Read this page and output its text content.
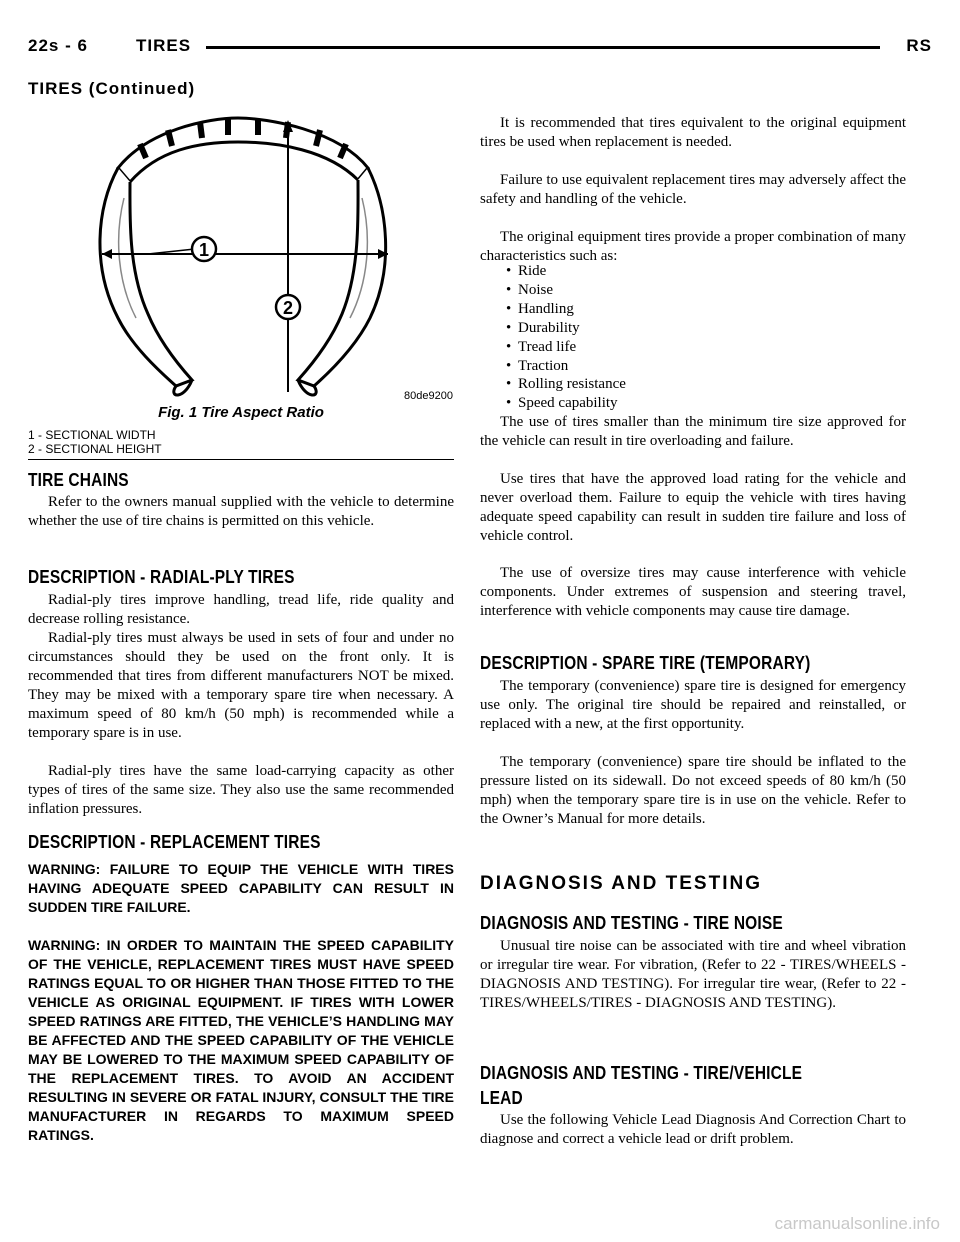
22s - 6	TIRES	RS
TIRES (Continued)
1
2
80de9200
Fig. 1 Tire Aspect Ratio
1 - SECTIONAL WIDTH
2 - SECTIONAL HEIGHT
TIRE CHAINS

Refer to the owners manual supplied with the vehicle to determine whether the use of tire chains is permitted on this vehicle.

DESCRIPTION - RADIAL-PLY TIRES

Radial-ply tires improve handling, tread life, ride quality and decrease rolling resistance.

Radial-ply tires must always be used in sets of four and under no circumstances should they be used on the front only. It is recommended that tires from different manufacturers NOT be mixed. They may be mixed with a temporary spare tire when necessary. A maximum speed of 80 km/h (50 mph) is recommended while a temporary spare is in use.

Radial-ply tires have the same load-carrying capacity as other types of tires of the same size. They also use the same recommended inflation pressures.

DESCRIPTION - REPLACEMENT TIRES

WARNING: FAILURE TO EQUIP THE VEHICLE WITH TIRES HAVING ADEQUATE SPEED CAPABILITY CAN RESULT IN SUDDEN TIRE FAILURE.

WARNING: IN ORDER TO MAINTAIN THE SPEED CAPABILITY OF THE VEHICLE, REPLACEMENT TIRES MUST HAVE SPEED RATINGS EQUAL TO OR HIGHER THAN THOSE FITTED TO THE VEHICLE AS ORIGINAL EQUIPMENT. IF TIRES WITH LOWER SPEED RATINGS ARE FITTED, THE VEHICLE’S HANDLING MAY BE AFFECTED AND THE SPEED CAPABILITY OF THE VEHICLE MAY BE LOWERED TO THE MAXIMUM SPEED CAPABILITY OF THE REPLACEMENT TIRES. TO AVOID AN ACCIDENT RESULTING IN SEVERE OR FATAL INJURY, CONSULT THE TIRE MANUFACTURER IN REGARDS TO MAXIMUM SPEED RATINGS.

It is recommended that tires equivalent to the original equipment tires be used when replacement is needed.

Failure to use equivalent replacement tires may adversely affect the safety and handling of the vehicle.

The original equipment tires provide a proper combination of many characteristics such as:

• Ride
• Noise
• Handling
• Durability
• Tread life
• Traction
• Rolling resistance
• Speed capability

The use of tires smaller than the minimum tire size approved for the vehicle can result in tire overloading and failure.

Use tires that have the approved load rating for the vehicle and never overload them. Failure to equip the vehicle with tires having adequate speed capability can result in sudden tire failure and loss of vehicle control.

The use of oversize tires may cause interference with vehicle components. Under extremes of suspension and steering travel, interference with vehicle components may cause tire damage.

DESCRIPTION - SPARE TIRE (TEMPORARY)

The temporary (convenience) spare tire is designed for emergency use only. The original tire should be repaired and reinstalled, or replaced with a new, at the first opportunity.

The temporary (convenience) spare tire should be inflated to the pressure listed on its sidewall. Do not exceed speeds of 80 km/h (50 mph) when the temporary spare tire is in use on the vehicle. Refer to the Owner’s Manual for more details.

DIAGNOSIS AND TESTING
DIAGNOSIS AND TESTING - TIRE NOISE

Unusual tire noise can be associated with tire and wheel vibration or irregular tire wear. For vibration, (Refer to 22 - TIRES/WHEELS - DIAGNOSIS AND TESTING). For irregular tire wear, (Refer to 22 - TIRES/WHEELS/TIRES - DIAGNOSIS AND TESTING).

DIAGNOSIS AND TESTING - TIRE/VEHICLE
LEAD

Use the following Vehicle Lead Diagnosis And Correction Chart to diagnose and correct a vehicle lead or drift problem.

carmanualsonline.info
